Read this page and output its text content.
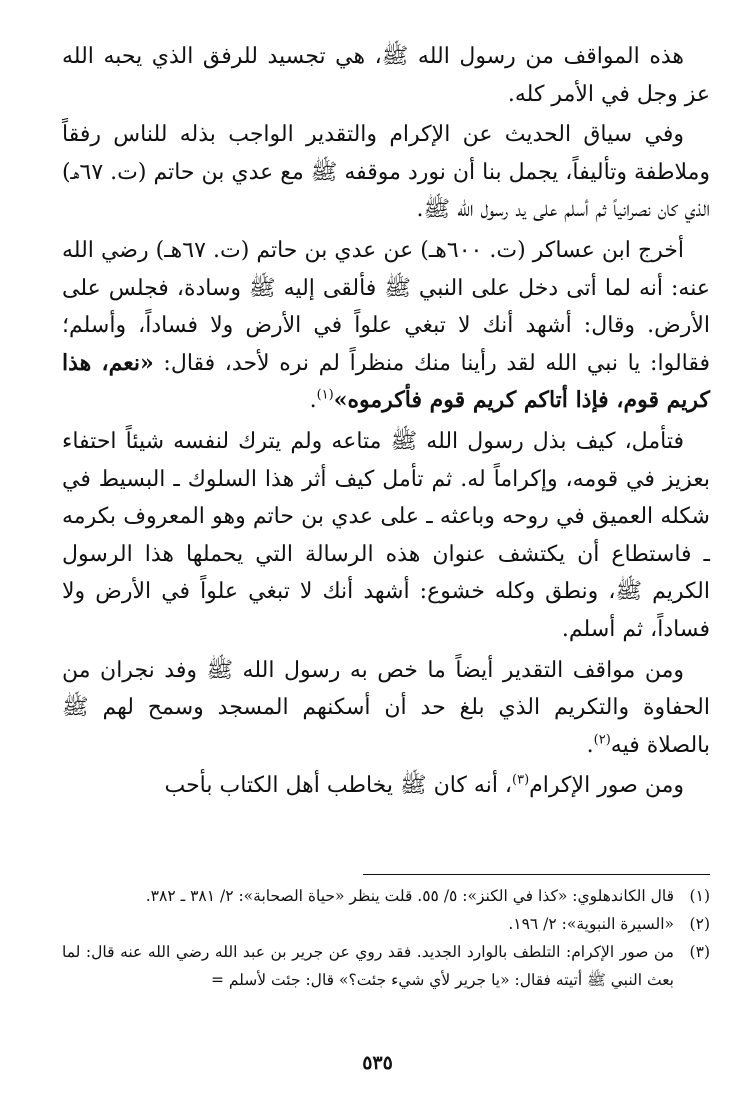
هذه المواقف من رسول الله ﷺ، هي تجسيد للرفق الذي يحبه الله عز وجل في الأمر كله.

وفي سياق الحديث عن الإكرام والتقدير الواجب بذله للناس رفقاً وملاطفة وتأليفاً، يجمل بنا أن نورد موقفه ﷺ مع عدي بن حاتم (ت. ٦٧هـ) الذي كان نصرانياً ثم أسلم على يد رسول الله ﷺ.

أخرج ابن عساكر (ت. ٦٠٠هـ) عن عدي بن حاتم (ت. ٦٧هـ) رضي الله عنه: أنه لما أتى دخل على النبي ﷺ فألقى إليه ﷺ وسادة، فجلس على الأرض. وقال: أشهد أنك لا تبغي علواً في الأرض ولا فساداً، وأسلم؛ فقالوا: يا نبي الله لقد رأينا منك منظراً لم نره لأحد، فقال: «نعم، هذا كريم قوم، فإذا أتاكم كريم قوم فأكرموه»$^{(١)}$.

فتأمل، كيف بذل رسول الله ﷺ متاعه ولم يترك لنفسه شيئاً احتفاء بعزيز في قومه، وإكراماً له. ثم تأمل كيف أثر هذا السلوك ـ البسيط في شكله العميق في روحه وباعثه ـ على عدي بن حاتم وهو المعروف بكرمه ـ فاستطاع أن يكتشف عنوان هذه الرسالة التي يحملها هذا الرسول الكريم ﷺ، ونطق وكله خشوع: أشهد أنك لا تبغي علواً في الأرض ولا فساداً، ثم أسلم.

ومن مواقف التقدير أيضاً ما خص به رسول الله ﷺ وفد نجران من الحفاوة والتكريم الذي بلغ حد أن أسكنهم المسجد وسمح لهم ﷺ بالصلاة فيه$^{(٢)}$.

ومن صور الإكرام$^{(٣)}$، أنه كان ﷺ يخاطب أهل الكتاب بأحب

(١)
قال الكاندهلوي: «كذا في الكنز»: ٥/ ٥٥. قلت ينظر «حياة الصحابة»: ٢/ ٣٨١ ـ ٣٨٢.
(٢)
«السيرة النبوية»: ٢/ ١٩٦.
(٣)
من صور الإكرام: التلطف بالوارد الجديد. فقد روي عن جرير بن عبد الله رضي الله عنه قال: لما بعث النبي ﷺ أتيته فقال: «يا جرير لأي شيء جئت؟» قال: جئت لأسلم =
٥٣٥
